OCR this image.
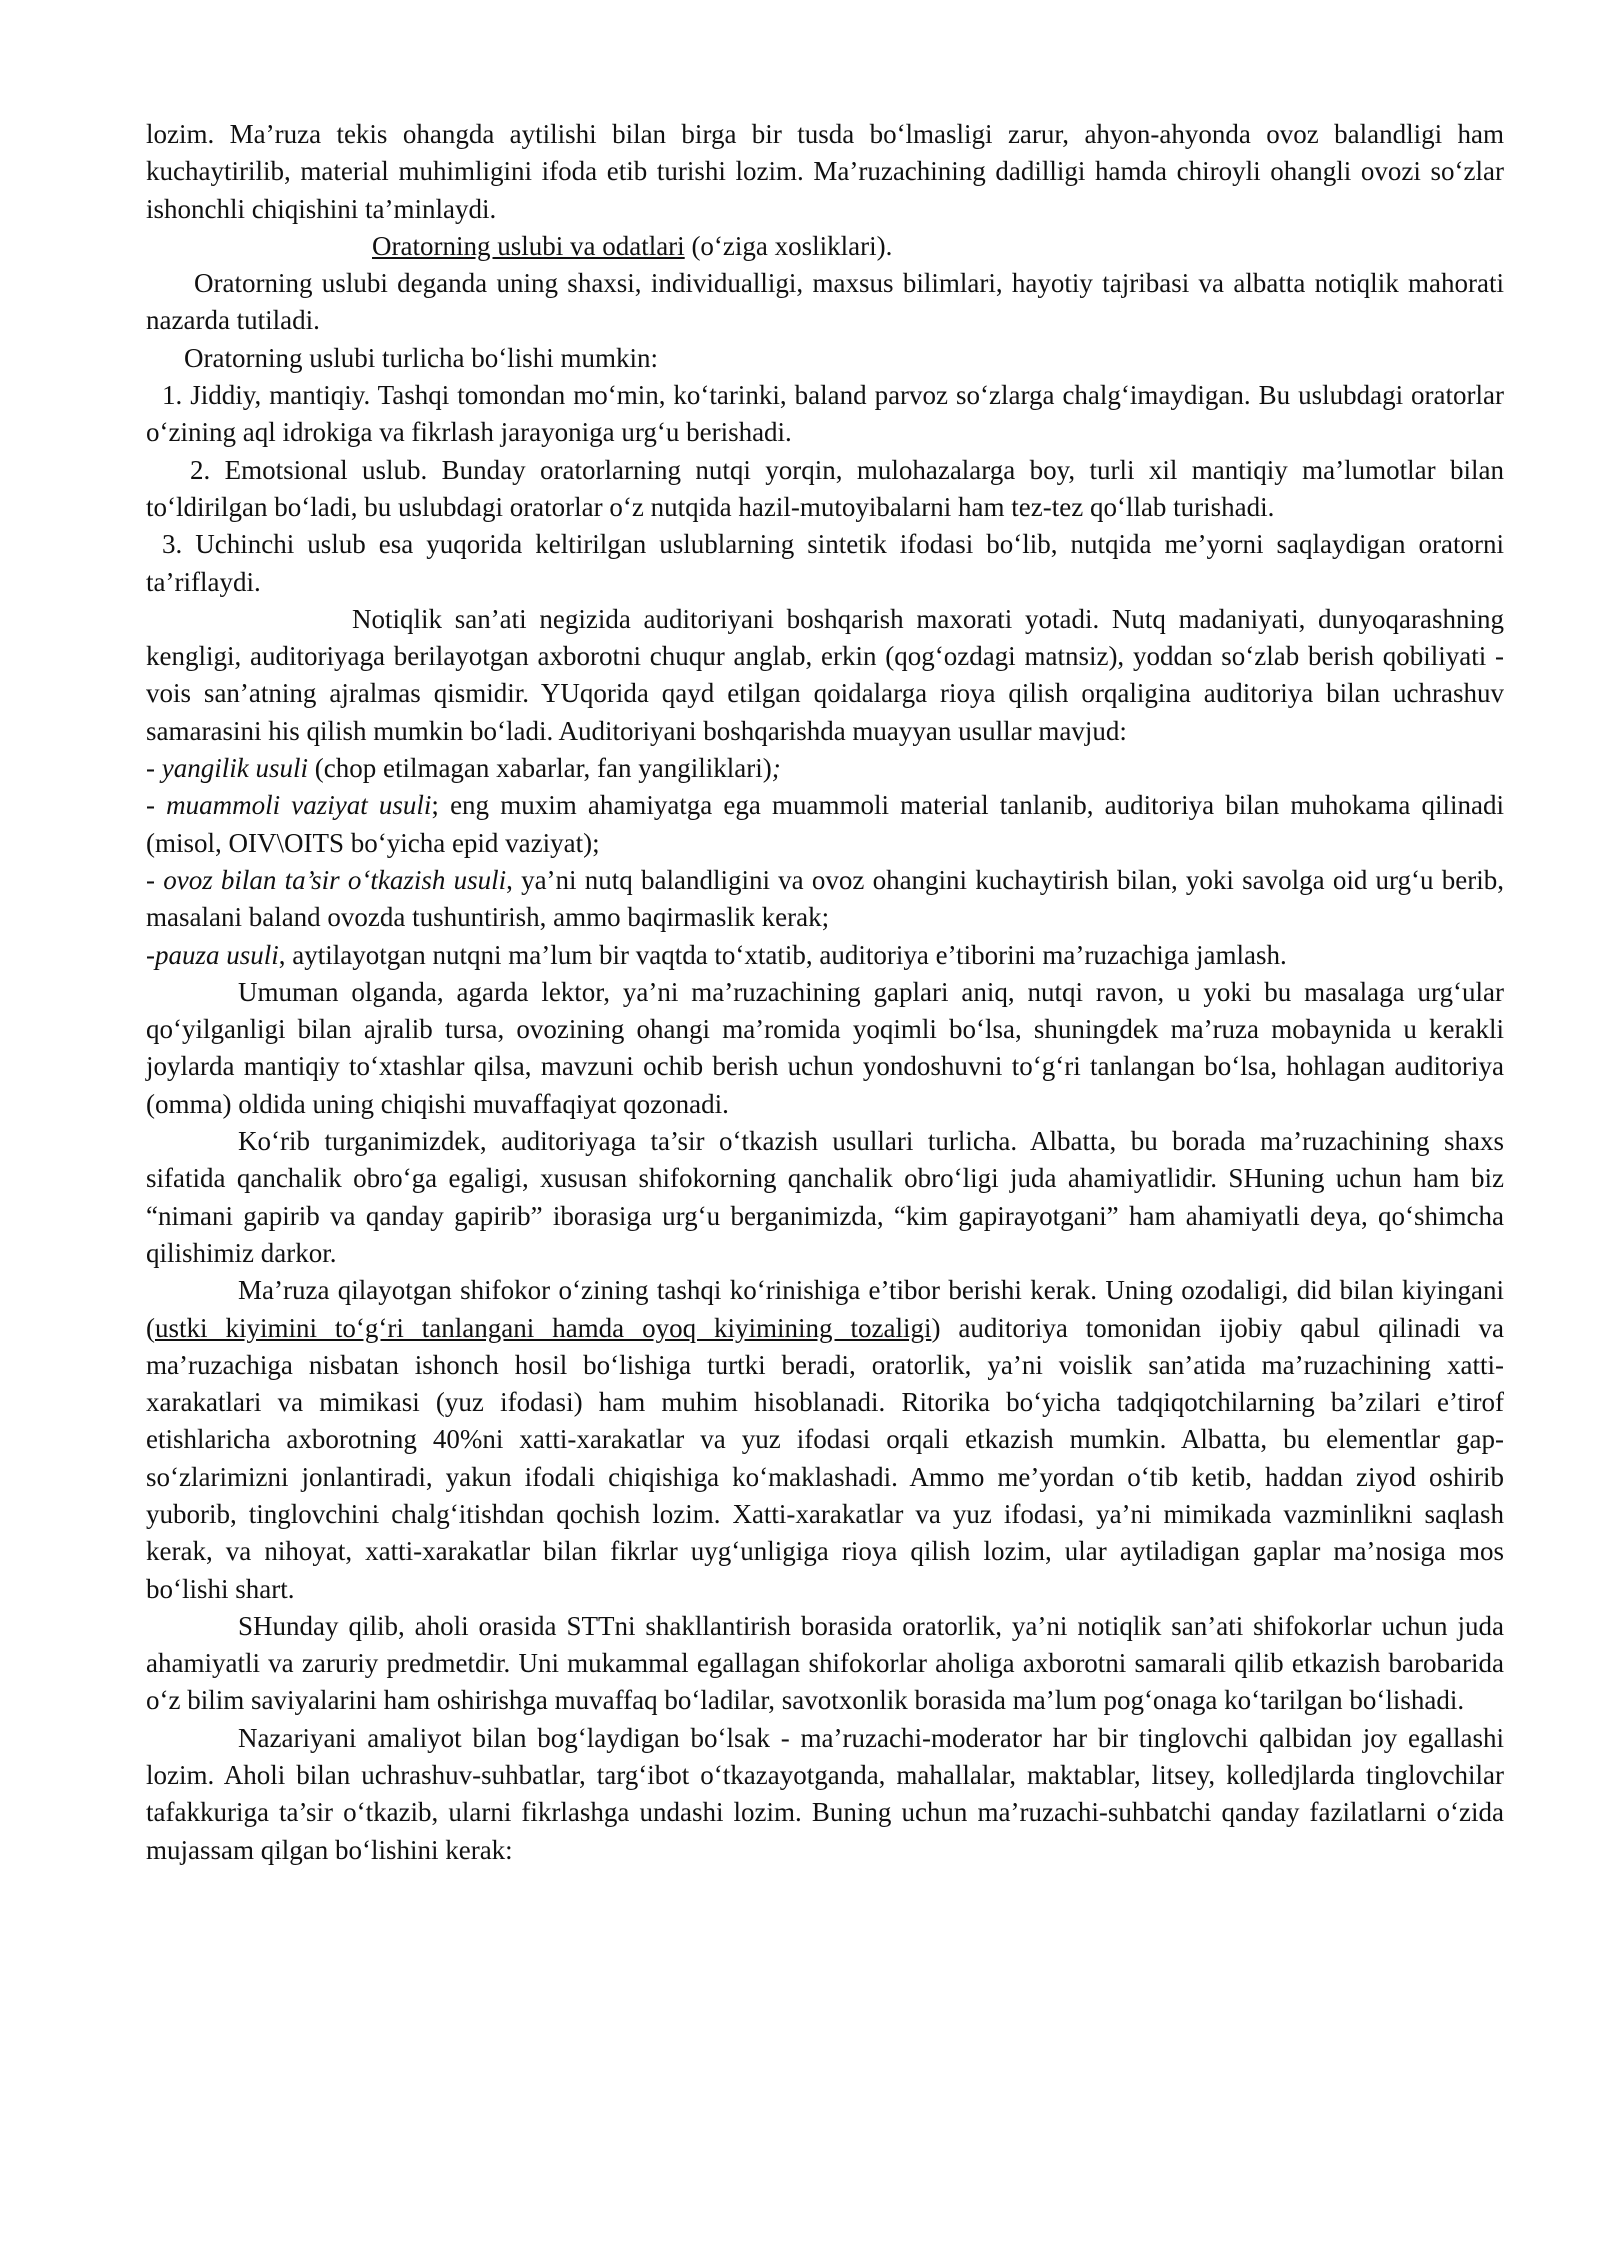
lozim. Ma’ruza tekis ohangda aytilishi bilan birga bir tusda bo‘lmasligi zarur, ahyon-ahyonda ovoz balandligi ham kuchaytirilib, material muhimligini ifoda etib turishi lozim. Ma’ruzachining dadilligi hamda chiroyli ohangli ovozi so‘zlar ishonchli chiqishini ta’minlaydi.

Oratorning uslubi va odatlari (o‘ziga xosliklari).

Oratorning uslubi deganda uning shaxsi, individualligi, maxsus bilimlari, hayotiy tajribasi va albatta notiqlik mahorati nazarda tutiladi.

Oratorning uslubi turlicha bo‘lishi mumkin:

1. Jiddiy, mantiqiy. Tashqi tomondan mo‘min, ko‘tarinki, baland parvoz so‘zlarga chalg‘imaydigan. Bu uslubdagi oratorlar o‘zining aql idrokiga va fikrlash jarayoniga urg‘u berishadi.

2. Emotsional uslub. Bunday oratorlarning nutqi yorqin, mulohazalarga boy, turli xil mantiqiy ma’lumotlar bilan to‘ldirilgan bo‘ladi, bu uslubdagi oratorlar o‘z nutqida hazil-mutoyibalarni ham tez-tez qo‘llab turishadi.

3. Uchinchi uslub esa yuqorida keltirilgan uslublarning sintetik ifodasi bo‘lib, nutqida me’yorni saqlaydigan oratorni ta’riflaydi.

Notiqlik san’ati negizida auditoriyani boshqarish maxorati yotadi. Nutq madaniyati, dunyoqarashning kengligi, auditoriyaga berilayotgan axborotni chuqur anglab, erkin (qog‘ozdagi matnsiz), yoddan so‘zlab berish qobiliyati - vois san’atning ajralmas qismidir. YUqorida qayd etilgan qoidalarga rioya qilish orqaligina auditoriya bilan uchrashuv samarasini his qilish mumkin bo‘ladi. Auditoriyani boshqarishda muayyan usullar mavjud:

- yangilik usuli (chop etilmagan xabarlar, fan yangiliklari);

- muammoli vaziyat usuli; eng muxim ahamiyatga ega muammoli material tanlanib, auditoriya bilan muhokama qilinadi (misol, OIV\OITS bo‘yicha epid vaziyat);

- ovoz bilan ta’sir o‘tkazish usuli, ya’ni nutq balandligini va ovoz ohangini kuchaytirish bilan, yoki savolga oid urg‘u berib, masalani baland ovozda tushuntirish, ammo baqirmaslik kerak;

-pauza usuli, aytilayotgan nutqni ma’lum bir vaqtda to‘xtatib, auditoriya e’tiborini ma’ruzachiga jamlash.

Umuman olganda, agarda lektor, ya’ni ma’ruzachining gaplari aniq, nutqi ravon, u yoki bu masalaga urg‘ular qo‘yilganligi bilan ajralib tursa, ovozining ohangi ma’romida yoqimli bo‘lsa, shuningdek ma’ruza mobaynida u kerakli joylarda mantiqiy to‘xtashlar qilsa, mavzuni ochib berish uchun yondoshuvni to‘g‘ri tanlangan bo‘lsa, hohlagan auditoriya (omma) oldida uning chiqishi muvaffaqiyat qozonadi.

Ko‘rib turganimizdek, auditoriyaga ta’sir o‘tkazish usullari turlicha. Albatta, bu borada ma’ruzachining shaxs sifatida qanchalik obro‘ga egaligi, xususan shifokorning qanchalik obro‘ligi juda ahamiyatlidir. SHuning uchun ham biz “nimani gapirib va qanday gapirib” iborasiga urg‘u berganimizda, “kim gapirayotgani” ham ahamiyatli deya, qo‘shimcha qilishimiz darkor.

Ma’ruza qilayotgan shifokor o‘zining tashqi ko‘rinishiga e’tibor berishi kerak. Uning ozodaligi, did bilan kiyingani (ustki kiyimini to‘g‘ri tanlangani hamda oyoq kiyimining tozaligi) auditoriya tomonidan ijobiy qabul qilinadi va ma’ruzachiga nisbatan ishonch hosil bo‘lishiga turtki beradi, oratorlik, ya’ni voislik san’atida ma’ruzachining xatti-xarakatlari va mimikasi (yuz ifodasi) ham muhim hisoblanadi. Ritorika bo‘yicha tadqiqotchilarning ba’zilari e’tirof etishlaricha axborotning 40%ni xatti-xarakatlar va yuz ifodasi orqali etkazish mumkin. Albatta, bu elementlar gap-so‘zlarimizni jonlantiradi, yakun ifodali chiqishiga ko‘maklashadi. Ammo me’yordan o‘tib ketib, haddan ziyod oshirib yuborib, tinglovchini chalg‘itishdan qochish lozim. Xatti-xarakatlar va yuz ifodasi, ya’ni mimikada vazminlikni saqlash kerak, va nihoyat, xatti-xarakatlar bilan fikrlar uyg‘unligiga rioya qilish lozim, ular aytiladigan gaplar ma’nosiga mos bo‘lishi shart.

SHunday qilib, aholi orasida STTni shakllantirish borasida oratorlik, ya’ni notiqlik san’ati shifokorlar uchun juda ahamiyatli va zaruriy predmetdir. Uni mukammal egallagan shifokorlar aholiga axborotni samarali qilib etkazish barobarida o‘z bilim saviyalarini ham oshirishga muvaffaq bo‘ladilar, savotxonlik borasida ma’lum pog‘onaga ko‘tarilgan bo‘lishadi.

Nazariyani amaliyot bilan bog‘laydigan bo‘lsak - ma’ruzachi-moderator har bir tinglovchi qalbidan joy egallashi lozim. Aholi bilan uchrashuv-suhbatlar, targ‘ibot o‘tkazayotganda, mahallalar, maktablar, litsey, kolledjlarda tinglovchilar tafakkuriga ta’sir o‘tkazib, ularni fikrlashga undashi lozim. Buning uchun ma’ruzachi-suhbatchi qanday fazilatlarni o‘zida mujassam qilgan bo‘lishini kerak:
